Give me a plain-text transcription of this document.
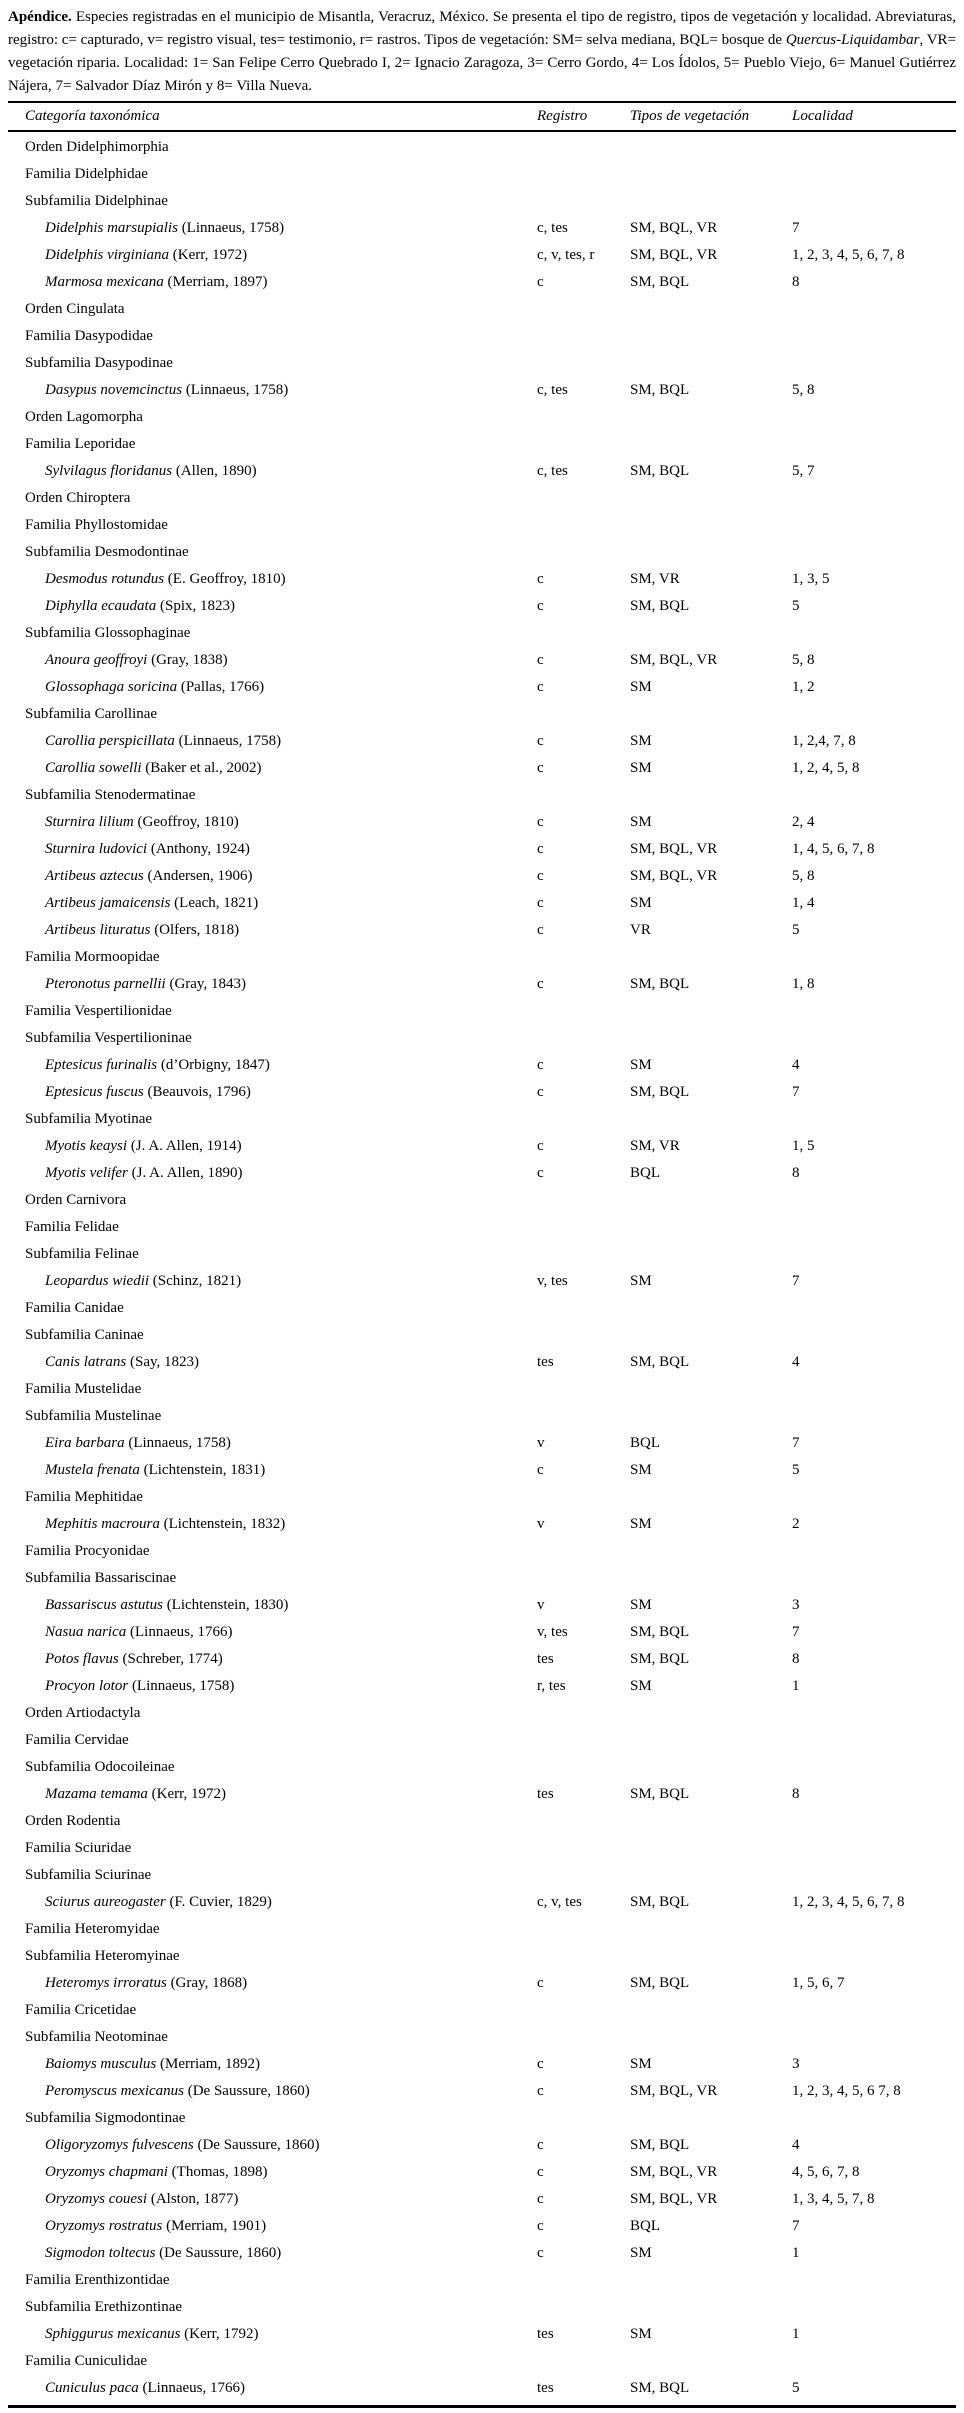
Apéndice. Especies registradas en el municipio de Misantla, Veracruz, México. Se presenta el tipo de registro, tipos de vegetación y localidad. Abreviaturas, registro: c= capturado, v= registro visual, tes= testimonio, r= rastros. Tipos de vegetación: SM= selva mediana, BQL= bosque de Quercus-Liquidambar, VR= vegetación riparia. Localidad: 1= San Felipe Cerro Quebrado I, 2= Ignacio Zaragoza, 3= Cerro Gordo, 4= Los Ídolos, 5= Pueblo Viejo, 6= Manuel Gutiérrez Nájera, 7= Salvador Díaz Mirón y 8= Villa Nueva.

Categoría taxonómica	Registro	Tipos de vegetación	Localidad
Orden Didelphimorphia
Familia Didelphidae
Subfamilia Didelphinae
Didelphis marsupialis (Linnaeus, 1758)	c, tes	SM, BQL, VR	7
Didelphis virginiana (Kerr, 1972)	c, v, tes, r	SM, BQL, VR	1, 2, 3, 4, 5, 6, 7, 8
Marmosa mexicana (Merriam, 1897)	c	SM, BQL	8
Orden Cingulata
Familia Dasypodidae
Subfamilia Dasypodinae
Dasypus novemcinctus (Linnaeus, 1758)	c, tes	SM, BQL	5, 8
Orden Lagomorpha
Familia Leporidae
Sylvilagus floridanus (Allen, 1890)	c, tes	SM, BQL	5, 7
Orden Chiroptera
Familia Phyllostomidae
Subfamilia Desmodontinae
Desmodus rotundus (E. Geoffroy, 1810)	c	SM, VR	1, 3, 5
Diphylla ecaudata (Spix, 1823)	c	SM, BQL	5
Subfamilia Glossophaginae
Anoura geoffroyi (Gray, 1838)	c	SM, BQL, VR	5, 8
Glossophaga soricina (Pallas, 1766)	c	SM	1, 2
Subfamilia Carollinae
Carollia perspicillata (Linnaeus, 1758)	c	SM	1, 2,4, 7, 8
Carollia sowelli (Baker et al., 2002)	c	SM	1, 2, 4, 5, 8
Subfamilia Stenodermatinae
Sturnira lilium (Geoffroy, 1810)	c	SM	2, 4
Sturnira ludovici (Anthony, 1924)	c	SM, BQL, VR	1, 4, 5, 6, 7, 8
Artibeus aztecus (Andersen, 1906)	c	SM, BQL, VR	5, 8
Artibeus jamaicensis (Leach, 1821)	c	SM	1, 4
Artibeus lituratus (Olfers, 1818)	c	VR	5
Familia Mormoopidae
Pteronotus parnellii (Gray, 1843)	c	SM, BQL	1, 8
Familia Vespertilionidae
Subfamilia Vespertilioninae
Eptesicus furinalis (d’Orbigny, 1847)	c	SM	4
Eptesicus fuscus (Beauvois, 1796)	c	SM, BQL	7
Subfamilia Myotinae
Myotis keaysi (J. A. Allen, 1914)	c	SM, VR	1, 5
Myotis velifer (J. A. Allen, 1890)	c	BQL	8
Orden Carnivora
Familia Felidae
Subfamilia Felinae
Leopardus wiedii (Schinz, 1821)	v, tes	SM	7
Familia Canidae
Subfamilia Caninae
Canis latrans (Say, 1823)	tes	SM, BQL	4
Familia Mustelidae
Subfamilia Mustelinae
Eira barbara (Linnaeus, 1758)	v	BQL	7
Mustela frenata (Lichtenstein, 1831)	c	SM	5
Familia Mephitidae
Mephitis macroura (Lichtenstein, 1832)	v	SM	2
Familia Procyonidae
Subfamilia Bassariscinae
Bassariscus astutus (Lichtenstein, 1830)	v	SM	3
Nasua narica (Linnaeus, 1766)	v, tes	SM, BQL	7
Potos flavus (Schreber, 1774)	tes	SM, BQL	8
Procyon lotor (Linnaeus, 1758)	r, tes	SM	1
Orden Artiodactyla
Familia Cervidae
Subfamilia Odocoileinae
Mazama temama (Kerr, 1972)	tes	SM, BQL	8
Orden Rodentia
Familia Sciuridae
Subfamilia Sciurinae
Sciurus aureogaster (F. Cuvier, 1829)	c, v, tes	SM, BQL	1, 2, 3, 4, 5, 6, 7, 8
Familia Heteromyidae
Subfamilia Heteromyinae
Heteromys irroratus (Gray, 1868)	c	SM, BQL	1, 5, 6, 7
Familia Cricetidae
Subfamilia Neotominae
Baiomys musculus (Merriam, 1892)	c	SM	3
Peromyscus mexicanus (De Saussure, 1860)	c	SM, BQL, VR	1, 2, 3, 4, 5, 6 7, 8
Subfamilia Sigmodontinae
Oligoryzomys fulvescens (De Saussure, 1860)	c	SM, BQL	4
Oryzomys chapmani (Thomas, 1898)	c	SM, BQL, VR	4, 5, 6, 7, 8
Oryzomys couesi (Alston, 1877)	c	SM, BQL, VR	1, 3, 4, 5, 7, 8
Oryzomys rostratus (Merriam, 1901)	c	BQL	7
Sigmodon toltecus (De Saussure, 1860)	c	SM	1
Familia Erenthizontidae
Subfamilia Erethizontinae
Sphiggurus mexicanus (Kerr, 1792)	tes	SM	1
Familia Cuniculidae
Cuniculus paca (Linnaeus, 1766)	tes	SM, BQL	5
